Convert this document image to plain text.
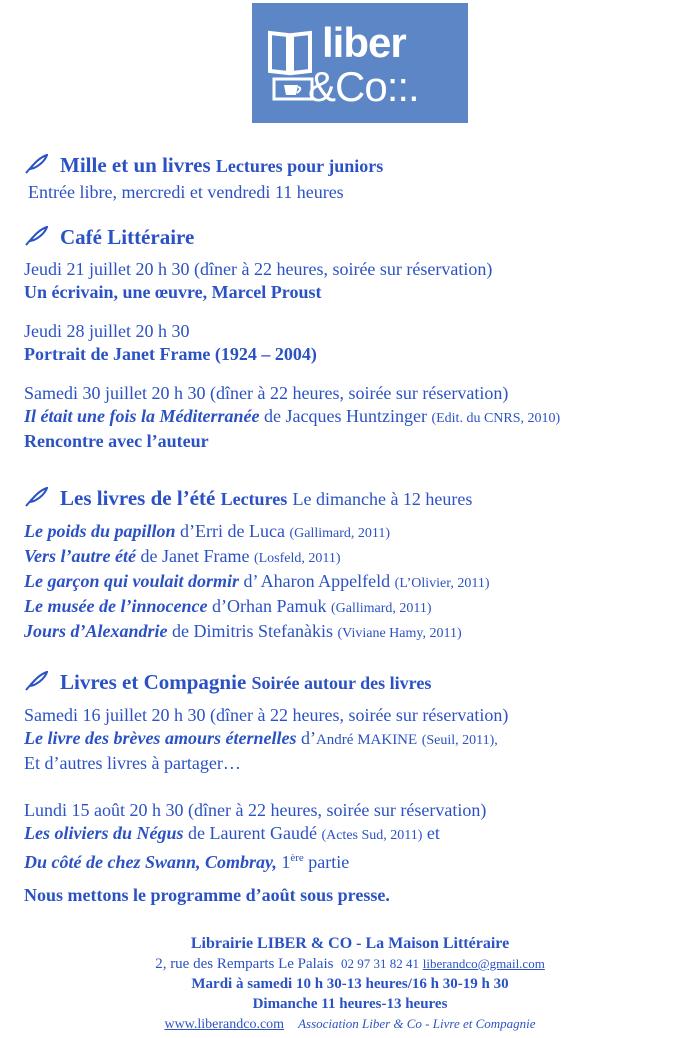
liber
&Co::.
Mille et un livres Lectures pour juniors
Entrée libre, mercredi et vendredi 11 heures
Café Littéraire
Jeudi 21 juillet 20 h 30 (dîner à 22 heures, soirée sur réservation)
Un écrivain, une œuvre, Marcel Proust
Jeudi 28 juillet 20 h 30
Portrait de Janet Frame (1924 – 2004)
Samedi 30 juillet 20 h 30 (dîner à 22 heures, soirée sur réservation)
Il était une fois la Méditerranée de Jacques Huntzinger (Edit. du CNRS, 2010)
Rencontre avec l’auteur
Les livres de l’été Lectures Le dimanche à 12 heures
Le poids du papillon d’Erri de Luca (Gallimard, 2011)
Vers l’autre été de Janet Frame (Losfeld, 2011)
Le garçon qui voulait dormir d’ Aharon Appelfeld (L’Olivier, 2011)
Le musée de l’innocence d’Orhan Pamuk (Gallimard, 2011)
Jours d’Alexandrie de Dimitris Stefanàkis (Viviane Hamy, 2011)
Livres et Compagnie Soirée autour des livres
Samedi 16 juillet 20 h 30 (dîner à 22 heures, soirée sur réservation)
Le livre des brèves amours éternelles d’André MAKINE (Seuil, 2011),
Et d’autres livres à partager…
Lundi 15 août 20 h 30 (dîner à 22 heures, soirée sur réservation)
Les oliviers du Négus de Laurent Gaudé (Actes Sud, 2011) et
Du côté de chez Swann, Combray, 1ère partie
Nous mettons le programme d’août sous presse.
Librairie LIBER & CO - La Maison Littéraire
2, rue des Remparts Le Palais 02 97 31 82 41 liberandco@gmail.com
Mardi à samedi 10 h 30-13 heures/16 h 30-19 h 30
Dimanche 11 heures-13 heures
www.liberandco.com Association Liber & Co - Livre et Compagnie
